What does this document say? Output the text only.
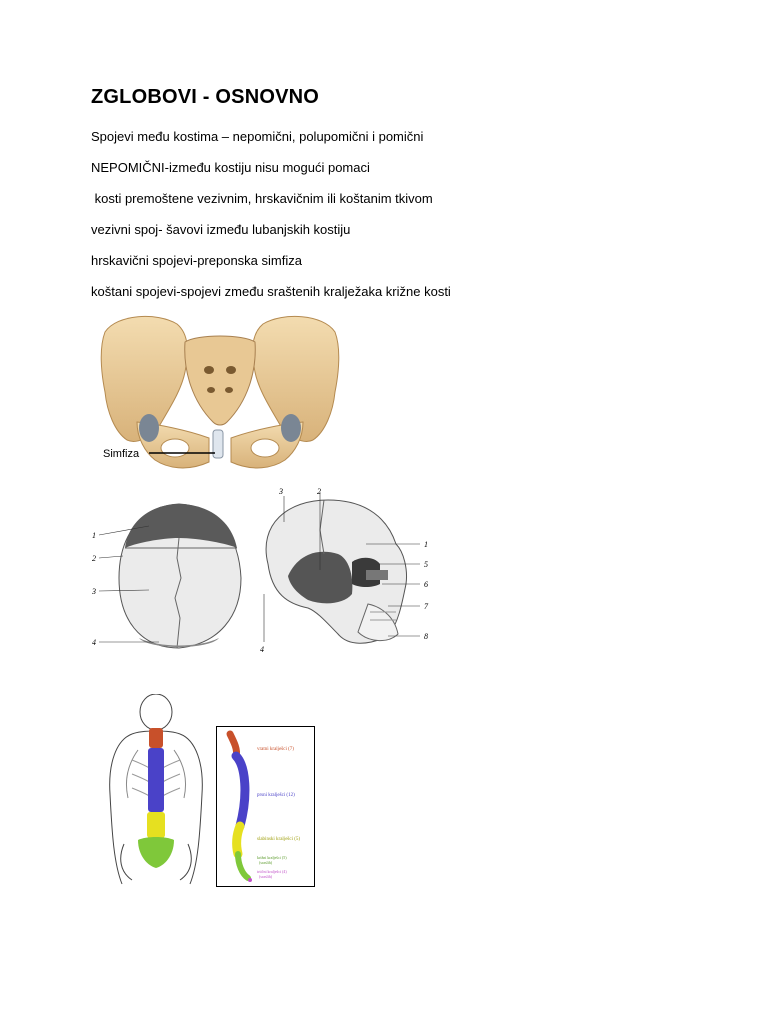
ZGLOBOVI - OSNOVNO

Spojevi među kostima – nepomični, polupomični i pomični

NEPOMIČNI-između kostiju nisu mogući pomaci

kosti premoštene vezivnim, hrskavičnim ili koštanim tkivom

vezivni spoj- šavovi između lubanjskih kostiju

hrskavični spojevi-preponska simfiza

koštani spojevi-spojevi zmeđu sraštenih kralježaka križne kosti

Simfiza
1
2
3
4
3	2
1
5
6
7
4
8
vratni kralješci (7)
prsni kralješci (12)
slabinski kralješci (5)
križni kralješci (5)
(sraslih)
trtični kralješci (4)
(sraslih)
